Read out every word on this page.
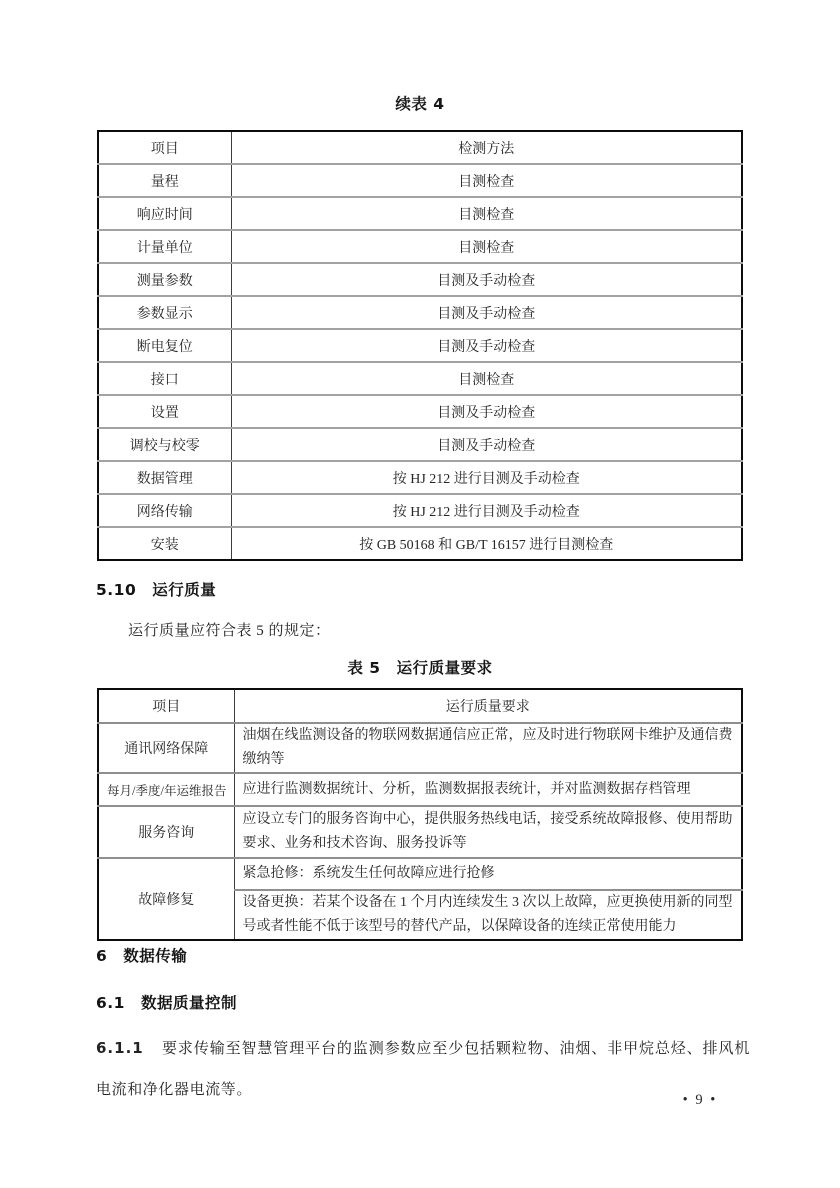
续表 4
项目	检测方法
量程	目测检查
响应时间	目测检查
计量单位	目测检查
测量参数	目测及手动检查
参数显示	目测及手动检查
断电复位	目测及手动检查
接口	目测检查
设置	目测及手动检查
调校与校零	目测及手动检查
数据管理	按 HJ 212 进行目测及手动检查
网络传输	按 HJ 212 进行目测及手动检查
安装	按 GB 50168 和 GB/T 16157 进行目测检查
5.10　运行质量
运行质量应符合表 5 的规定：
表 5　运行质量要求
项目	运行质量要求
通讯网络保障	油烟在线监测设备的物联网数据通信应正常，应及时进行物联网卡维护及通信费缴纳等
每月/季度/年运维报告	应进行监测数据统计、分析，监测数据报表统计，并对监测数据存档管理
服务咨询	应设立专门的服务咨询中心，提供服务热线电话，接受系统故障报修、使用帮助要求、业务和技术咨询、服务投诉等
故障修复	紧急抢修：系统发生任何故障应进行抢修
	设备更换：若某个设备在 1 个月内连续发生 3 次以上故障，应更换使用新的同型号或者性能不低于该型号的替代产品，以保障设备的连续正常使用能力
6　数据传输
6.1　数据质量控制
6.1.1 要求传输至智慧管理平台的监测参数应至少包括颗粒物、油烟、非甲烷总烃、排风机电流和净化器电流等。
• 9 •
